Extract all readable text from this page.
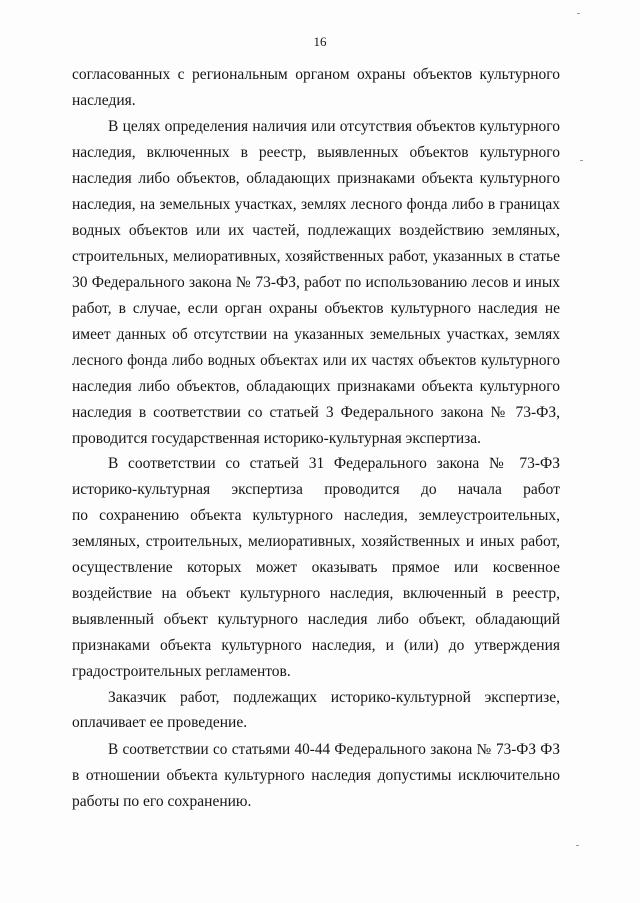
16
согласованных с региональным органом охраны объектов культурного
наследия.
В целях определения наличия или отсутствия объектов культурного
наследия, включенных в реестр, выявленных объектов культурного
наследия либо объектов, обладающих признаками объекта культурного
наследия, на земельных участках, землях лесного фонда либо в границах
водных объектов или их частей, подлежащих воздействию земляных,
строительных, мелиоративных, хозяйственных работ, указанных в статье
30 Федерального закона № 73-ФЗ, работ по использованию лесов и иных
работ, в случае, если орган охраны объектов культурного наследия не
имеет данных об отсутствии на указанных земельных участках, землях
лесного фонда либо водных объектах или их частях объектов культурного
наследия либо объектов, обладающих признаками объекта культурного
наследия в соответствии со статьей 3 Федерального закона № 73-ФЗ,
проводится государственная историко-культурная экспертиза.
В соответствии со статьей 31 Федерального закона № 73-ФЗ
историко-культурная экспертиза проводится до начала работ
по сохранению объекта культурного наследия, землеустроительных,
земляных, строительных, мелиоративных, хозяйственных и иных работ,
осуществление которых может оказывать прямое или косвенное
воздействие на объект культурного наследия, включенный в реестр,
выявленный объект культурного наследия либо объект, обладающий
признаками объекта культурного наследия, и (или) до утверждения
градостроительных регламентов.
Заказчик работ, подлежащих историко-культурной экспертизе,
оплачивает ее проведение.
В соответствии со статьями 40-44 Федерального закона № 73-ФЗ ФЗ
в отношении объекта культурного наследия допустимы исключительно
работы по его сохранению.
